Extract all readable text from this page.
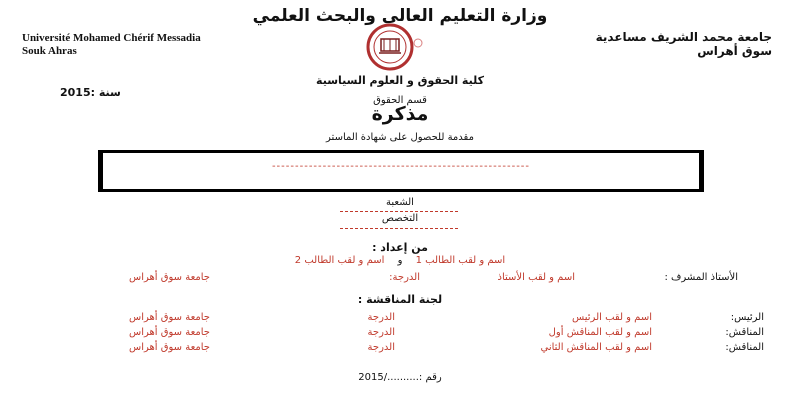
وزارة التعليم العالي والبحث العلمي
Université Mohamed Chérif Messadia
Souk Ahras
جامعة محمد الشريف مساعدية
سوق أهراس
كلية الحقوق و العلوم السياسية
سنة :2015
قسم الحقوق
مذكرة
مقدمة للحصول على شهادة الماستر
--------------------------------------------------------
الشعبة
التخصص
من إعداد :
اسم و لقب الطالب 1 و اسم و لقب الطالب 2
الأستاذ المشرف :
اسم و لقب الأستاذ
الدرجة:
جامعة سوق أهراس
لجنة المناقشة :
الرئيس:
اسم و لقب الرئيس
الدرجة
جامعة سوق أهراس
المناقش:
اسم و لقب المناقش أول
الدرجة
جامعة سوق أهراس
المناقش:
اسم و لقب المناقش الثاني
الدرجة
جامعة سوق أهراس
رقم :........../2015
